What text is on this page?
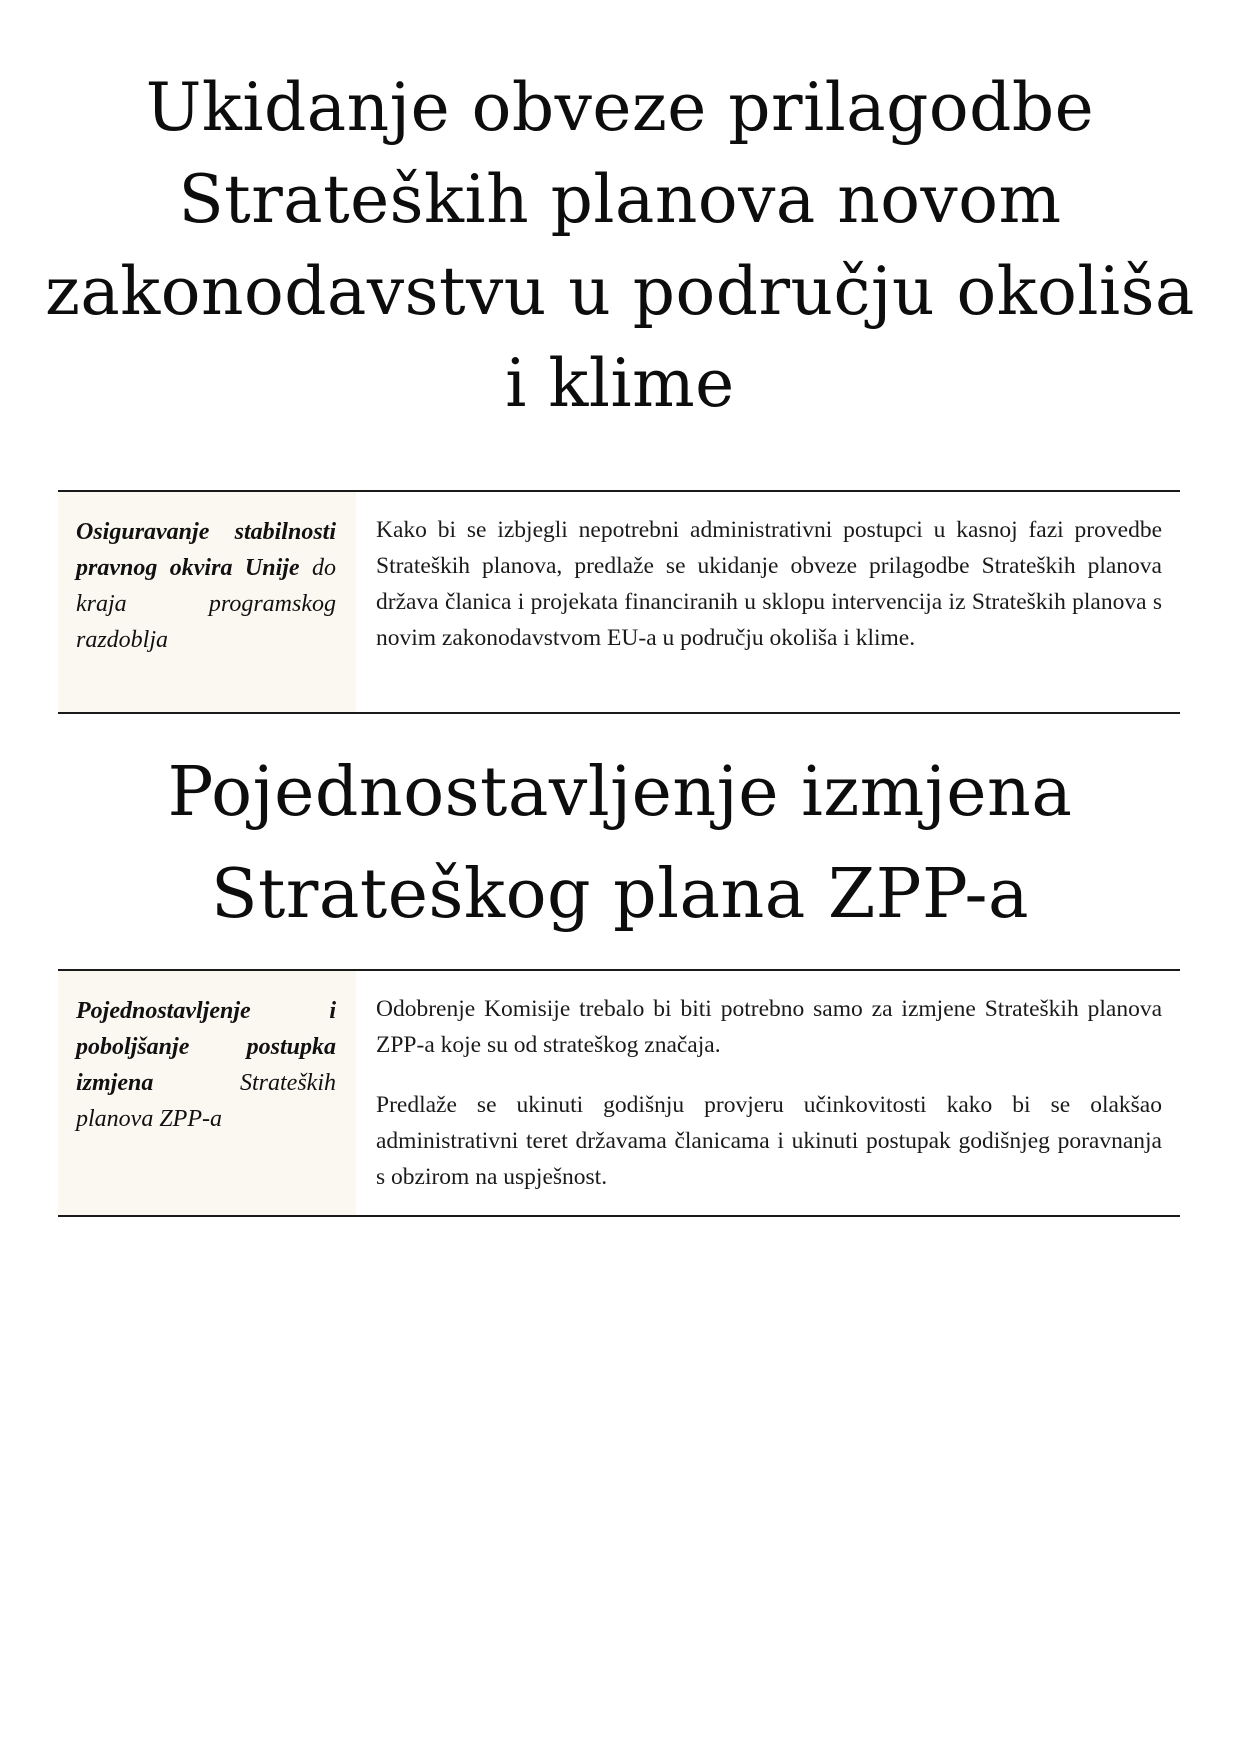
Ukidanje obveze prilagodbe Strateških planova novom zakonodavstvu u području okoliša i klime
Osiguravanje stabilnosti pravnog okvira Unije do kraja programskog razdoblja

Kako bi se izbjegli nepotrebni administrativni postupci u kasnoj fazi provedbe Strateških planova, predlaže se ukidanje obveze prilagodbe Strateških planova država članica i projekata financiranih u sklopu intervencija iz Strateških planova s novim zakonodavstvom EU-a u području okoliša i klime.

Pojednostavljenje izmjena Strateškog plana ZPP-a
Pojednostavljenje i poboljšanje postupka izmjena Strateških planova ZPP-a

Odobrenje Komisije trebalo bi biti potrebno samo za izmjene Strateških planova ZPP-a koje su od strateškog značaja.

Predlaže se ukinuti godišnju provjeru učinkovitosti kako bi se olakšao administrativni teret državama članicama i ukinuti postupak godišnjeg poravnanja s obzirom na uspješnost.
